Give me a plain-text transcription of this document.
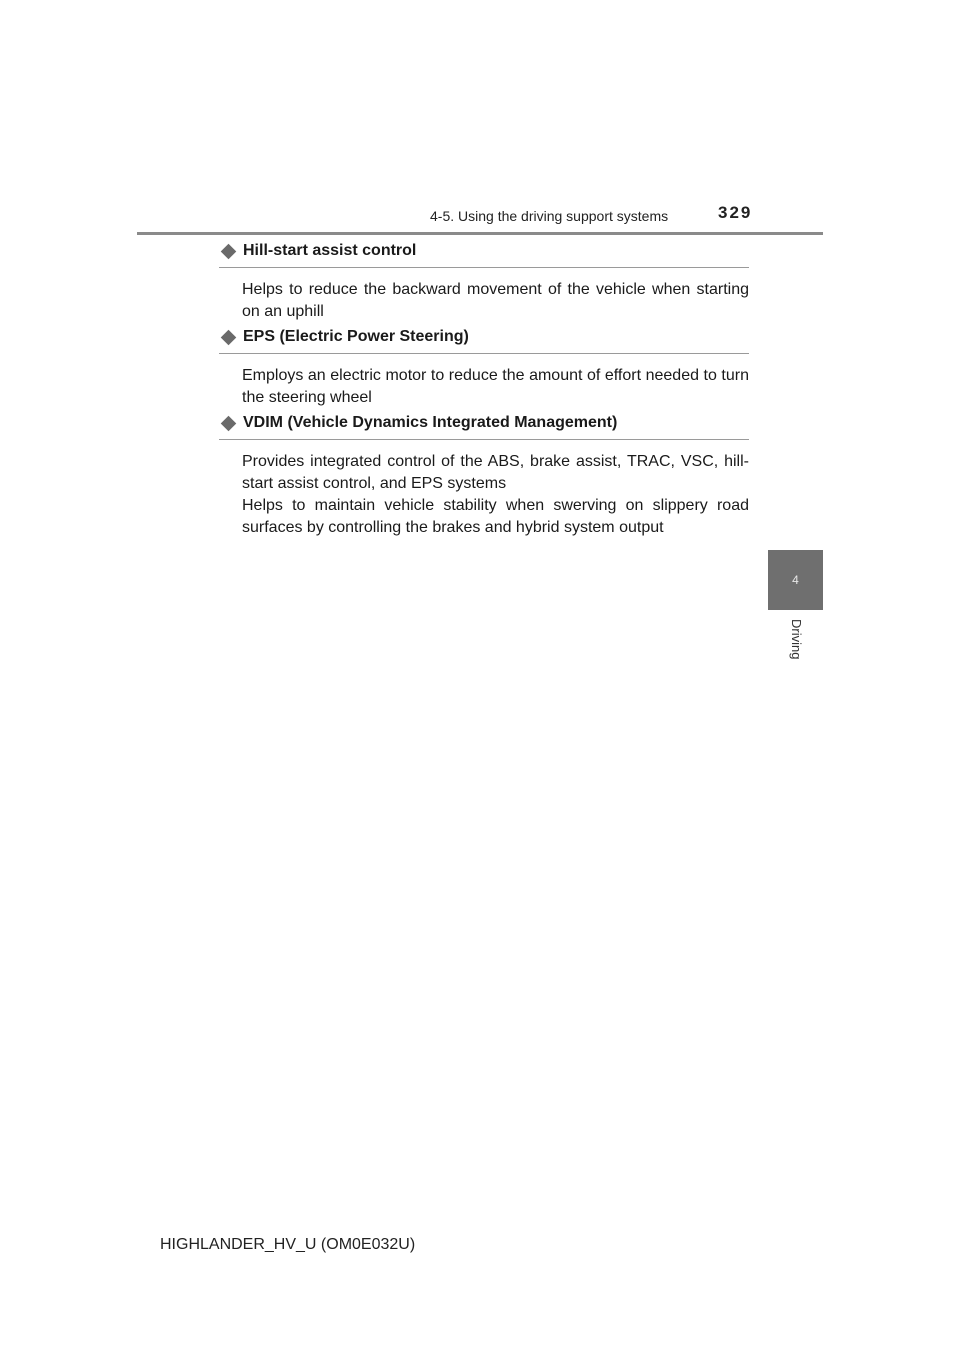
4-5. Using the driving support systems	329
4
Driving
Hill-start assist control

Helps to reduce the backward movement of the vehicle when starting on an uphill

EPS (Electric Power Steering)

Employs an electric motor to reduce the amount of effort needed to turn the steering wheel

VDIM (Vehicle Dynamics Integrated Management)

Provides integrated control of the ABS, brake assist, TRAC, VSC, hill-start assist control, and EPS systems

Helps to maintain vehicle stability when swerving on slippery road surfaces by controlling the brakes and hybrid system output

HIGHLANDER_HV_U (OM0E032U)
